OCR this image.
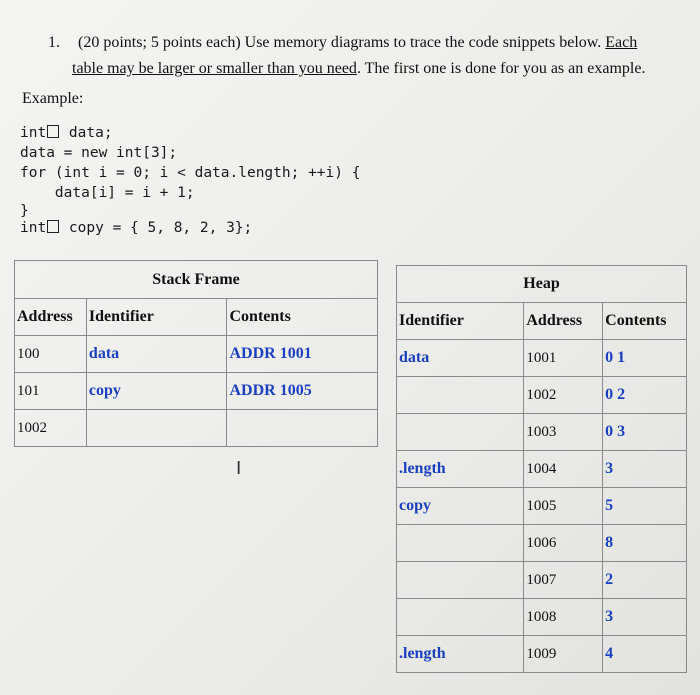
1. (20 points; 5 points each) Use memory diagrams to trace the code snippets below. Each
table may be larger or smaller than you need. The first one is done for you as an example.
Example:
int data;
data = new int[3];
for (int i = 0; i < data.length; ++i) {
data[i] = i + 1;
}
int copy = { 5, 8, 2, 3};
Stack Frame		
Address	Identifier	Contents
100	data	ADDR 1001
101	copy	ADDR 1005
1002		
Heap		
Identifier	Address	Contents
data	1001	0 1
	1002	0 2
	1003	0 3
.length	1004	3
copy	1005	5
	1006	8
	1007	2
	1008	3
.length	1009	4
I
